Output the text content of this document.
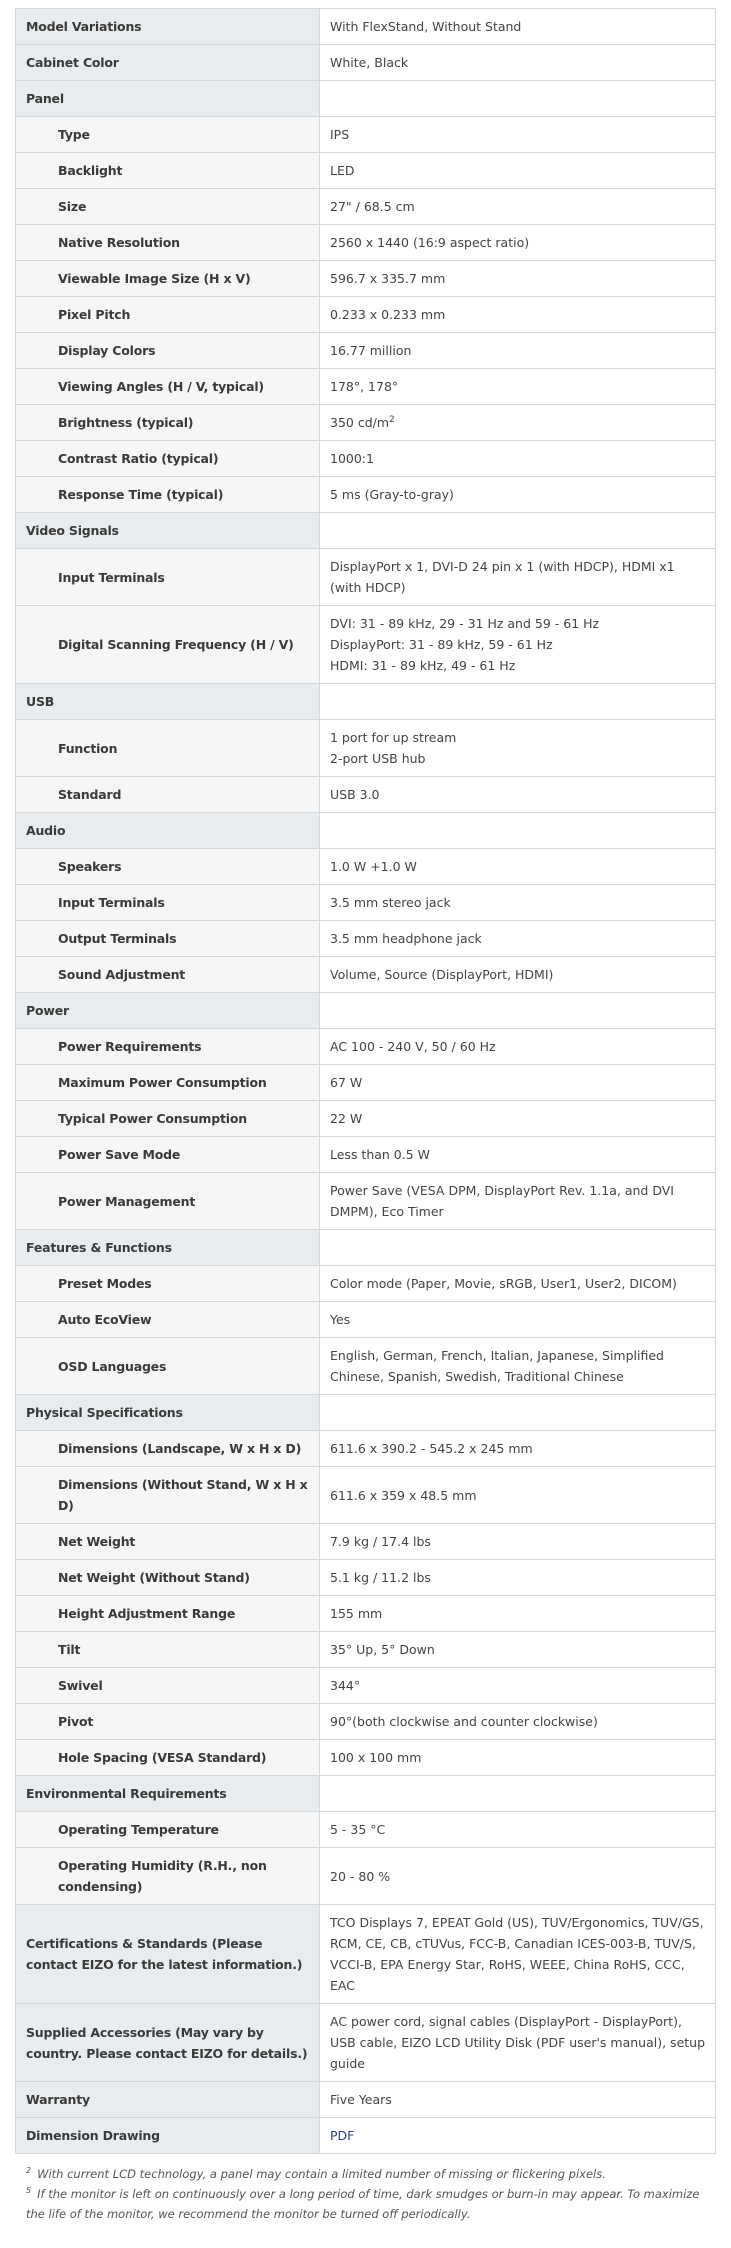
Model Variations	With FlexStand, Without Stand

Cabinet Color	White, Black

Panel	
Type	IPS

Backlight	LED

Size	27" / 68.5 cm

Native Resolution	2560 x 1440 (16:9 aspect ratio)

Viewable Image Size (H x V)	596.7 x 335.7 mm

Pixel Pitch	0.233 x 0.233 mm

Display Colors	16.77 million

Viewing Angles (H / V, typical)	178°, 178°

Brightness (typical)	350 $cd/m^2$

Contrast Ratio (typical)	1000:1

Response Time (typical)	5 ms (Gray-to-gray)

Video Signals	
Input Terminals	DisplayPort x 1, DVI-D 24 pin x 1 (with HDCP), HDMI x1 (with HDCP)

Digital Scanning Frequency (H / V)	DVI: 31 - 89 kHz, 29 - 31 Hz and 59 - 61 Hz
DisplayPort: 31 - 89 kHz, 59 - 61 Hz
HDMI: 31 - 89 kHz, 49 - 61 Hz

USB	
Function	1 port for up stream
2-port USB hub

Standard	USB 3.0

Audio	
Speakers	1.0 W +1.0 W

Input Terminals	3.5 mm stereo jack

Output Terminals	3.5 mm headphone jack

Sound Adjustment	Volume, Source (DisplayPort, HDMI)

Power	
Power Requirements	AC 100 - 240 V, 50 / 60 Hz

Maximum Power Consumption	67 W

Typical Power Consumption	22 W

Power Save Mode	Less than 0.5 W

Power Management	Power Save (VESA DPM, DisplayPort Rev. 1.1a, and DVI DMPM), Eco Timer

Features & Functions	
Preset Modes	Color mode (Paper, Movie, sRGB, User1, User2, DICOM)

Auto EcoView	Yes

OSD Languages	English, German, French, Italian, Japanese, Simplified Chinese, Spanish, Swedish, Traditional Chinese

Physical Specifications	
Dimensions (Landscape, W x H x D)	611.6 x 390.2 - 545.2 x 245 mm

Dimensions (Without Stand, W x H x D)	611.6 x 359 x 48.5 mm

Net Weight	7.9 kg / 17.4 lbs

Net Weight (Without Stand)	5.1 kg / 11.2 lbs

Height Adjustment Range	155 mm

Tilt	35° Up, 5° Down

Swivel	344°

Pivot	90°(both clockwise and counter clockwise)

Hole Spacing (VESA Standard)	100 x 100 mm

Environmental Requirements	
Operating Temperature	5 - 35 °C

Operating Humidity (R.H., non condensing)	20 - 80 %

Certifications & Standards (Please contact EIZO for the latest information.)	TCO Displays 7, EPEAT Gold (US), TUV/Ergonomics, TUV/GS, RCM, CE, CB, cTUVus, FCC-B, Canadian ICES-003-B, TUV/S, VCCI-B, EPA Energy Star, RoHS, WEEE, China RoHS, CCC, EAC

Supplied Accessories (May vary by country. Please contact EIZO for details.)	AC power cord, signal cables (DisplayPort - DisplayPort), USB cable, EIZO LCD Utility Disk (PDF user's manual), setup guide

Warranty	Five Years

Dimension Drawing	PDF
$^2$ With current LCD technology, a panel may contain a limited number of missing or flickering pixels.
$^5$ If the monitor is left on continuously over a long period of time, dark smudges or burn-in may appear. To maximize the life of the monitor, we recommend the monitor be turned off periodically.
